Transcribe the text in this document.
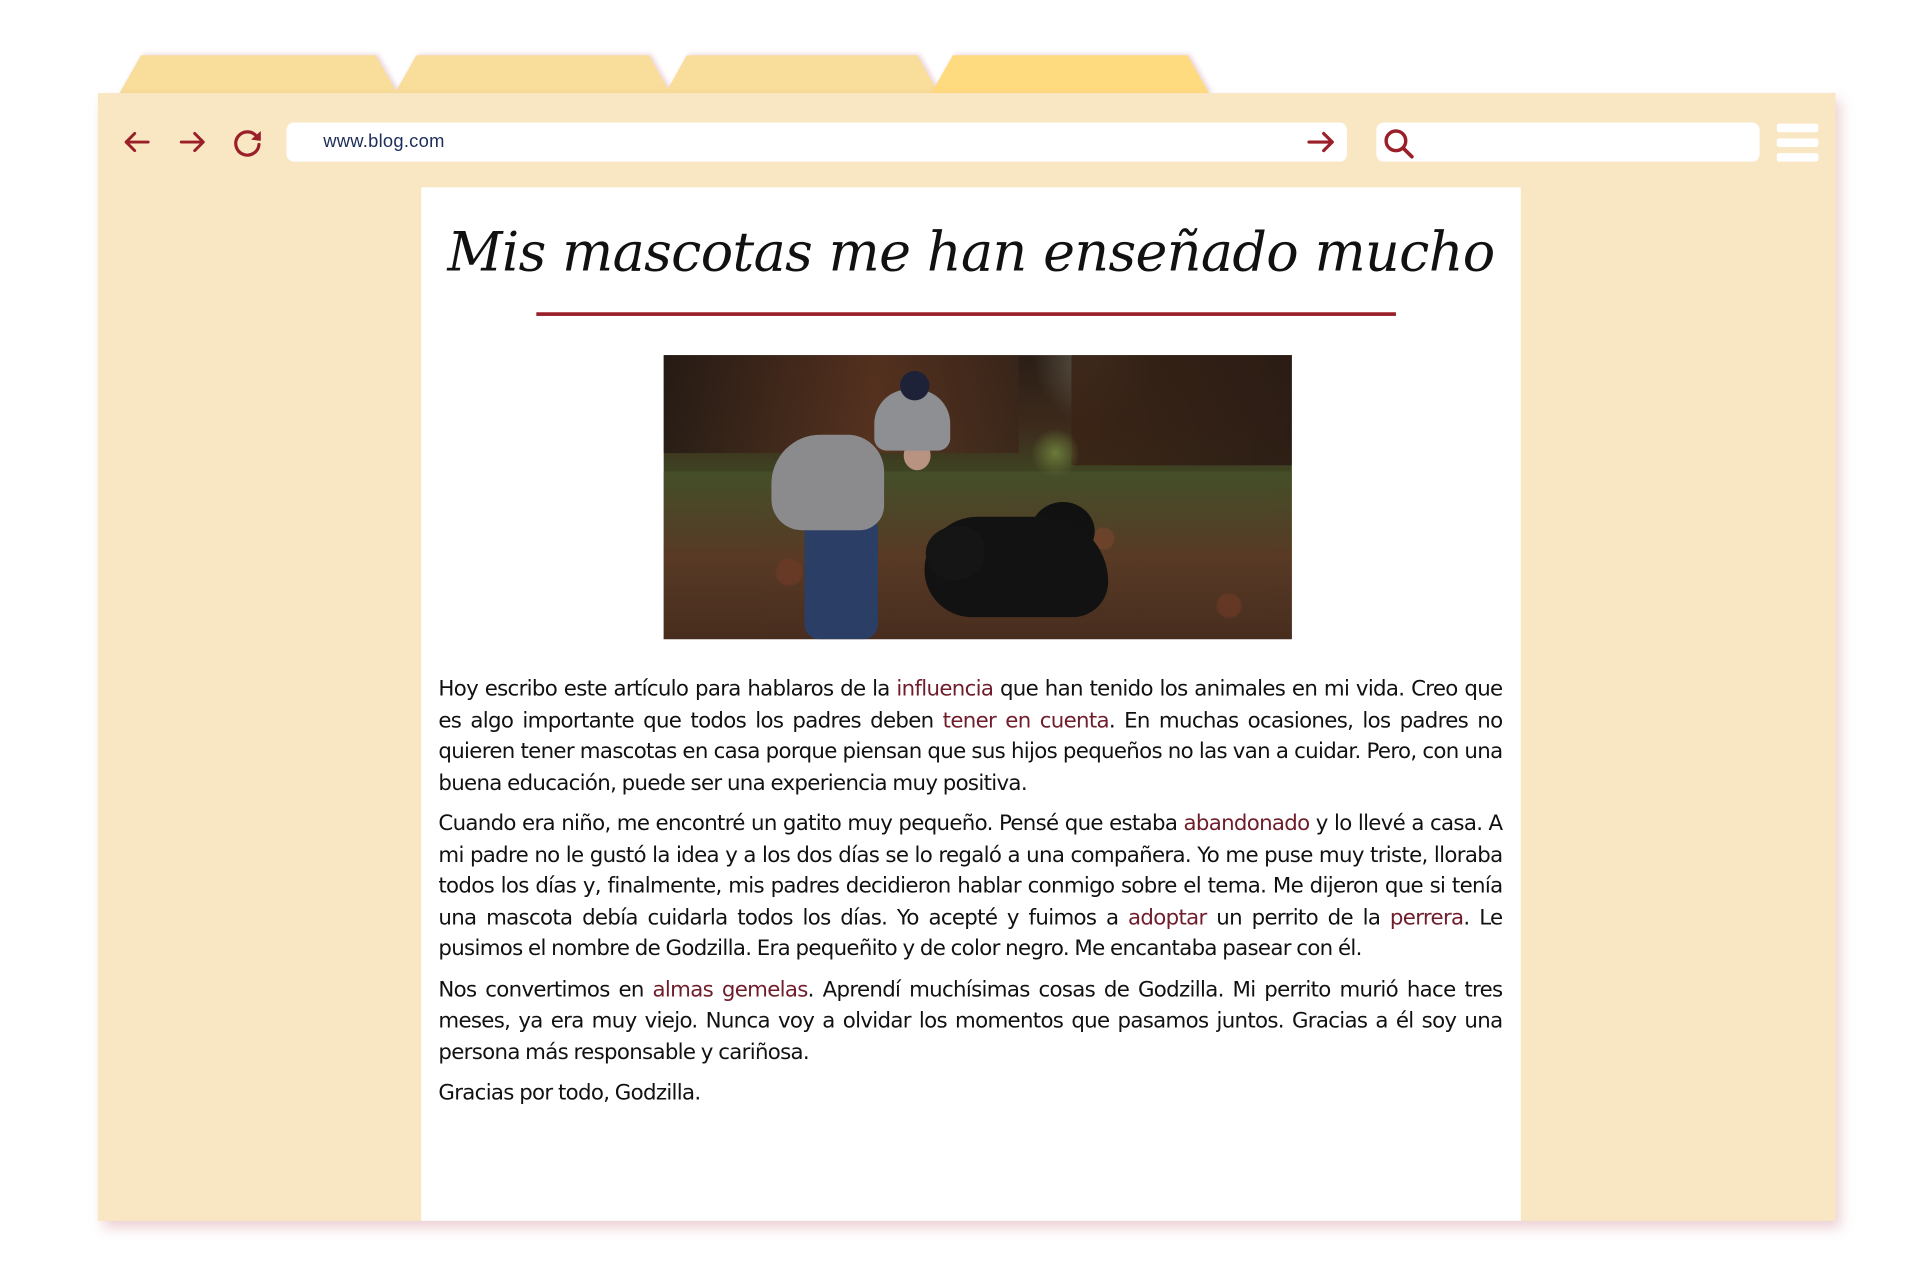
www.blog.com
Mis mascotas me han enseñado mucho

Hoy escribo este artículo para hablaros de la influencia que han tenido los animales en mi vida. Creo que es algo importante que todos los padres deben tener en cuenta. En muchas ocasiones, los padres no quieren tener mascotas en casa porque piensan que sus hijos pequeños no las van a cuidar. Pero, con una buena educación, puede ser una experiencia muy positiva.

Cuando era niño, me encontré un gatito muy pequeño. Pensé que estaba abandonado y lo llevé a casa. A mi padre no le gustó la idea y a los dos días se lo regaló a una compañera. Yo me puse muy triste, lloraba todos los días y, finalmente, mis padres decidieron hablar conmigo sobre el tema. Me dijeron que si tenía una mascota debía cuidarla todos los días. Yo acepté y fuimos a adoptar un perrito de la perrera. Le pusimos el nombre de Godzilla. Era pequeñito y de color negro. Me encantaba pasear con él.

Nos convertimos en almas gemelas. Aprendí muchísimas cosas de Godzilla. Mi perrito murió hace tres meses, ya era muy viejo. Nunca voy a olvidar los momentos que pasamos juntos. Gracias a él soy una persona más responsable y cariñosa.

Gracias por todo, Godzilla.
